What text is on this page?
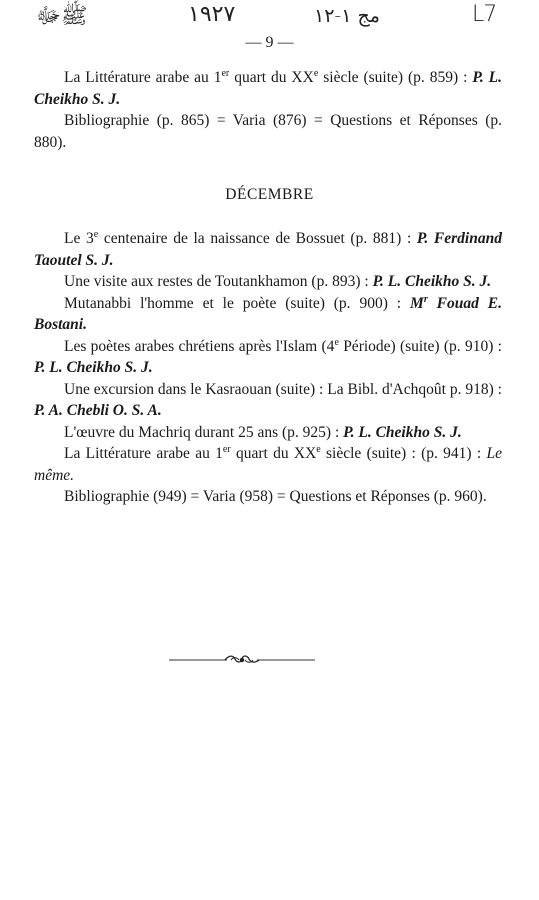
ﷺﷻ	١٩٢٧	مج ١-١٢	L7
— 9 —

La Littérature arabe au 1er quart du XXe siècle (suite) (p. 859) : P. L. Cheikho S. J.

Bibliographie (p. 865) = Varia (876) = Questions et Réponses (p. 880).

DÉCEMBRE

Le 3e centenaire de la naissance de Bossuet (p. 881) : P. Ferdinand Taoutel S. J.

Une visite aux restes de Toutankhamon (p. 893) : P. L. Cheikho S. J.

Mutanabbi l'homme et le poète (suite) (p. 900) : $M^r$ Fouad E. Bostani.

Les poètes arabes chrétiens après l'Islam (4e Période) (suite) (p. 910) : P. L. Cheikho S. J.

Une excursion dans le Kasraouan (suite) : La Bibl. d'Achqoût p. 918) : P. A. Chebli O. S. A.

L'œuvre du Machriq durant 25 ans (p. 925) : P. L. Cheikho S. J.

La Littérature arabe au 1er quart du XXe siècle (suite) : (p. 941) : Le même.

Bibliographie (949) = Varia (958) = Questions et Réponses (p. 960).
